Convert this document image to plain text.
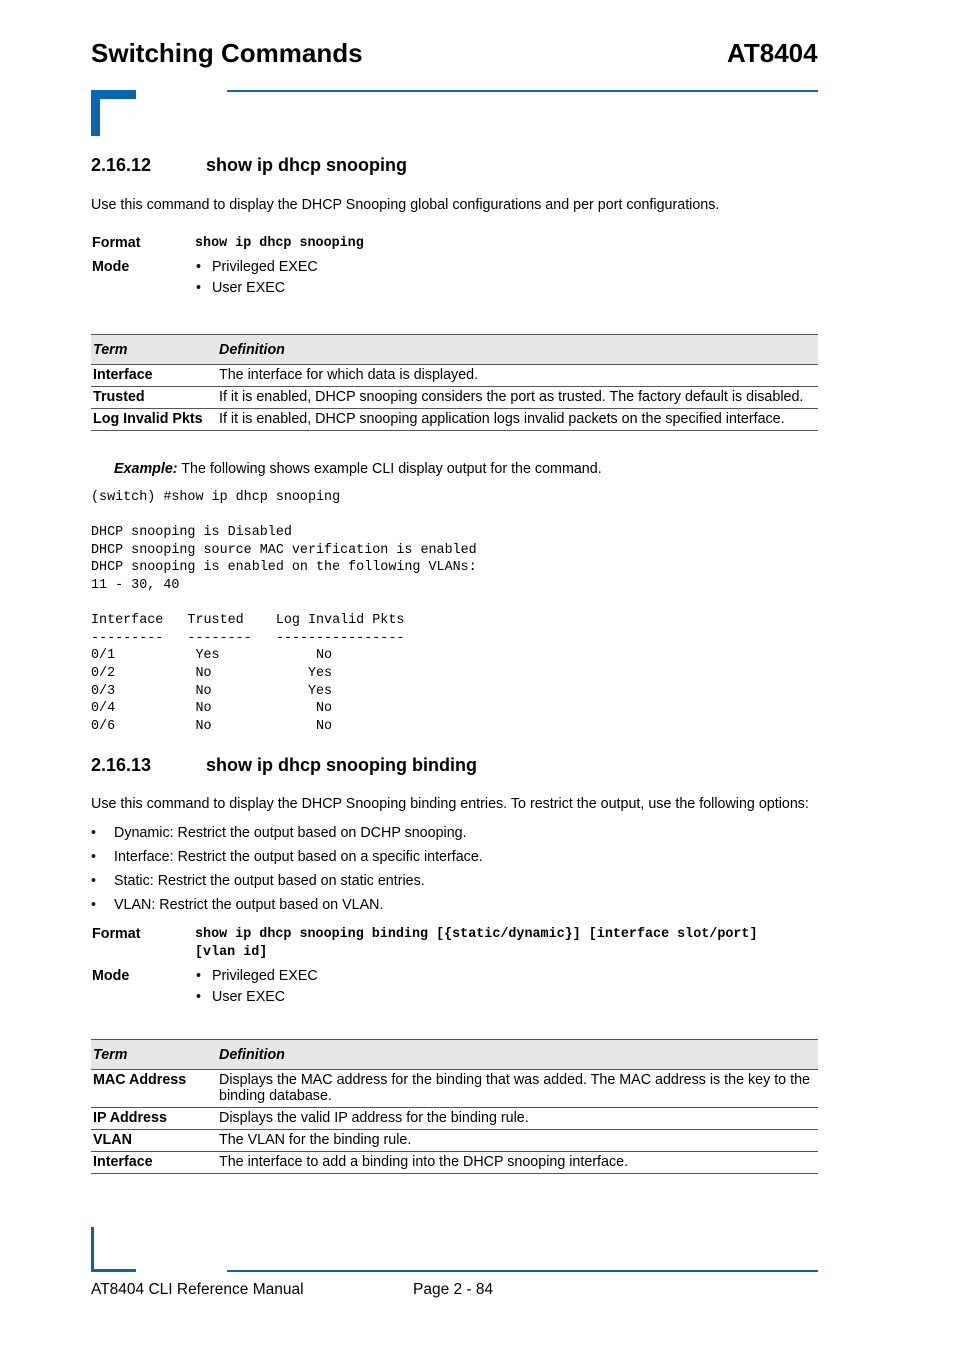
Switching Commands	AT8404
2.16.12	show ip dhcp snooping
Use this command to display the DHCP Snooping global configurations and per port configurations.
Format	show ip dhcp snooping
Mode	• Privileged EXEC
• User EXEC
Term	Definition
Interface	The interface for which data is displayed.
Trusted	If it is enabled, DHCP snooping considers the port as trusted. The factory default is disabled.
Log Invalid Pkts	If it is enabled, DHCP snooping application logs invalid packets on the specified interface.
Example: The following shows example CLI display output for the command.
(switch) #show ip dhcp snooping

DHCP snooping is Disabled
DHCP snooping source MAC verification is enabled
DHCP snooping is enabled on the following VLANs:
11 - 30, 40

Interface   Trusted    Log Invalid Pkts
---------   --------   ----------------
0/1          Yes            No
0/2          No            Yes
0/3          No            Yes
0/4          No             No
0/6          No             No
2.16.13	show ip dhcp snooping binding
Use this command to display the DHCP Snooping binding entries. To restrict the output, use the following options:
• Dynamic: Restrict the output based on DCHP snooping.
• Interface: Restrict the output based on a specific interface.
• Static: Restrict the output based on static entries.
• VLAN: Restrict the output based on VLAN.
Format	show ip dhcp snooping binding [{static/dynamic}] [interface slot/port]
[vlan id]
Mode	• Privileged EXEC
• User EXEC
Term	Definition
MAC Address	Displays the MAC address for the binding that was added. The MAC address is the key to the binding database.
IP Address	Displays the valid IP address for the binding rule.
VLAN	The VLAN for the binding rule.
Interface	The interface to add a binding into the DHCP snooping interface.
AT8404 CLI Reference Manual	Page 2 - 84
